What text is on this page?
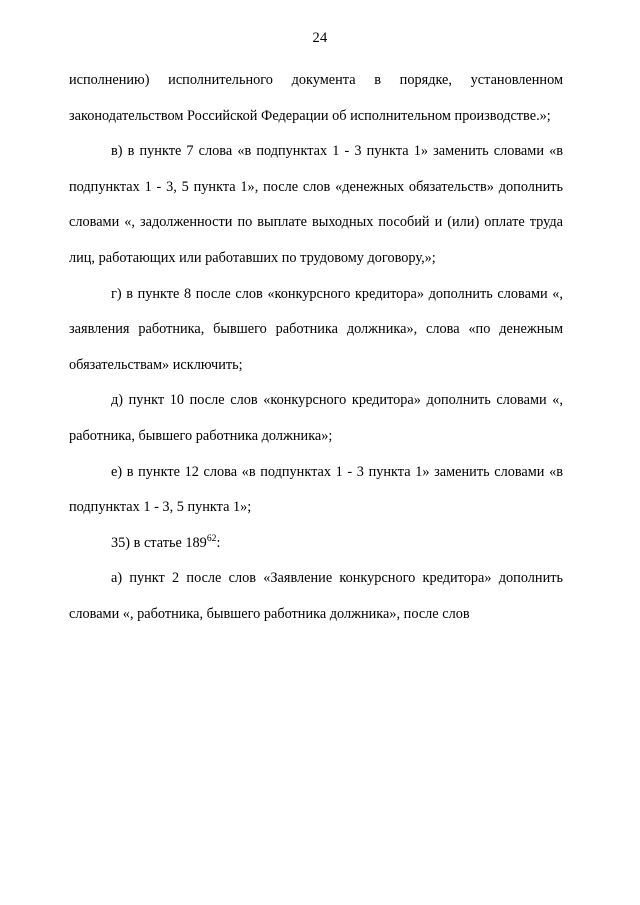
24

исполнению) исполнительного документа в порядке, установленном законодательством Российской Федерации об исполнительном производстве.»;

в) в пункте 7 слова «в подпунктах 1 - 3 пункта 1» заменить словами «в подпунктах 1 - 3, 5 пункта 1», после слов «денежных обязательств» дополнить словами «, задолженности по выплате выходных пособий и (или) оплате труда лиц, работающих или работавших по трудовому договору,»;

г) в пункте 8 после слов «конкурсного кредитора» дополнить словами «, заявления работника, бывшего работника должника», слова «по денежным обязательствам» исключить;

д) пункт 10 после слов «конкурсного кредитора» дополнить словами «, работника, бывшего работника должника»;

е) в пункте 12 слова «в подпунктах 1 - 3 пункта 1» заменить словами «в подпунктах 1 - 3, 5 пункта 1»;

35) в статье $189^{62}$:

а) пункт 2 после слов «Заявление конкурсного кредитора» дополнить словами «, работника, бывшего работника должника», после слов
